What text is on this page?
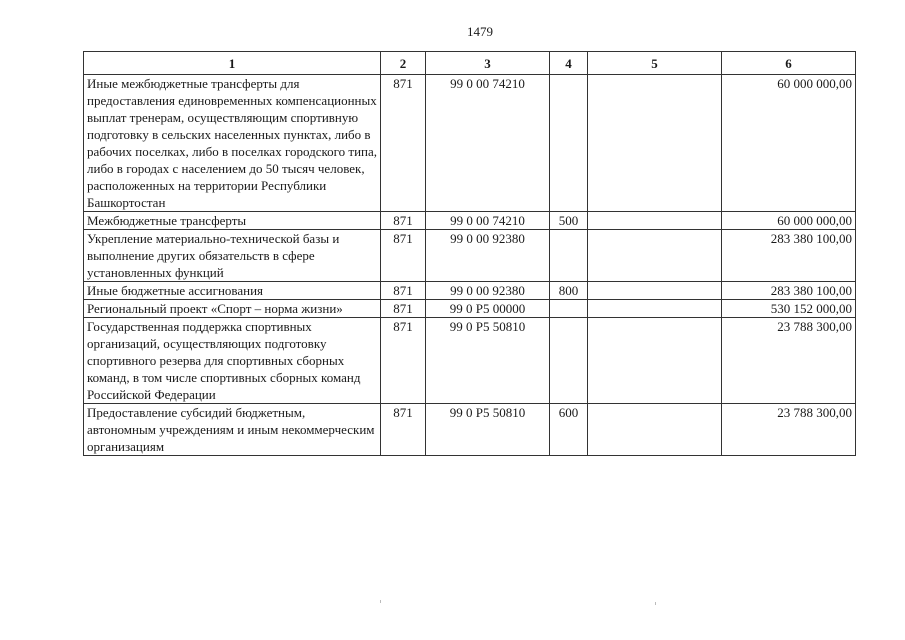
1479
1	2	3	4	5	6
Иные межбюджетные трансферты для предоставления единовременных компенсационных выплат тренерам, осуществляющим спортивную подготовку в сельских населенных пунктах, либо в рабочих поселках, либо в поселках городского типа, либо в городах с населением до 50 тысяч человек, расположенных на территории Республики Башкортостан	871	99 0 00 74210			60 000 000,00
Межбюджетные трансферты	871	99 0 00 74210	500		60 000 000,00
Укрепление материально-технической базы и выполнение других обязательств в сфере установленных функций	871	99 0 00 92380			283 380 100,00
Иные бюджетные ассигнования	871	99 0 00 92380	800		283 380 100,00
Региональный проект «Спорт – норма жизни»	871	99 0 P5 00000			530 152 000,00
Государственная поддержка спортивных организаций, осуществляющих подготовку спортивного резерва для спортивных сборных команд, в том числе спортивных сборных команд Российской Федерации	871	99 0 P5 50810			23 788 300,00
Предоставление субсидий бюджетным, автономным учреждениям и иным некоммерческим организациям	871	99 0 P5 50810	600		23 788 300,00
